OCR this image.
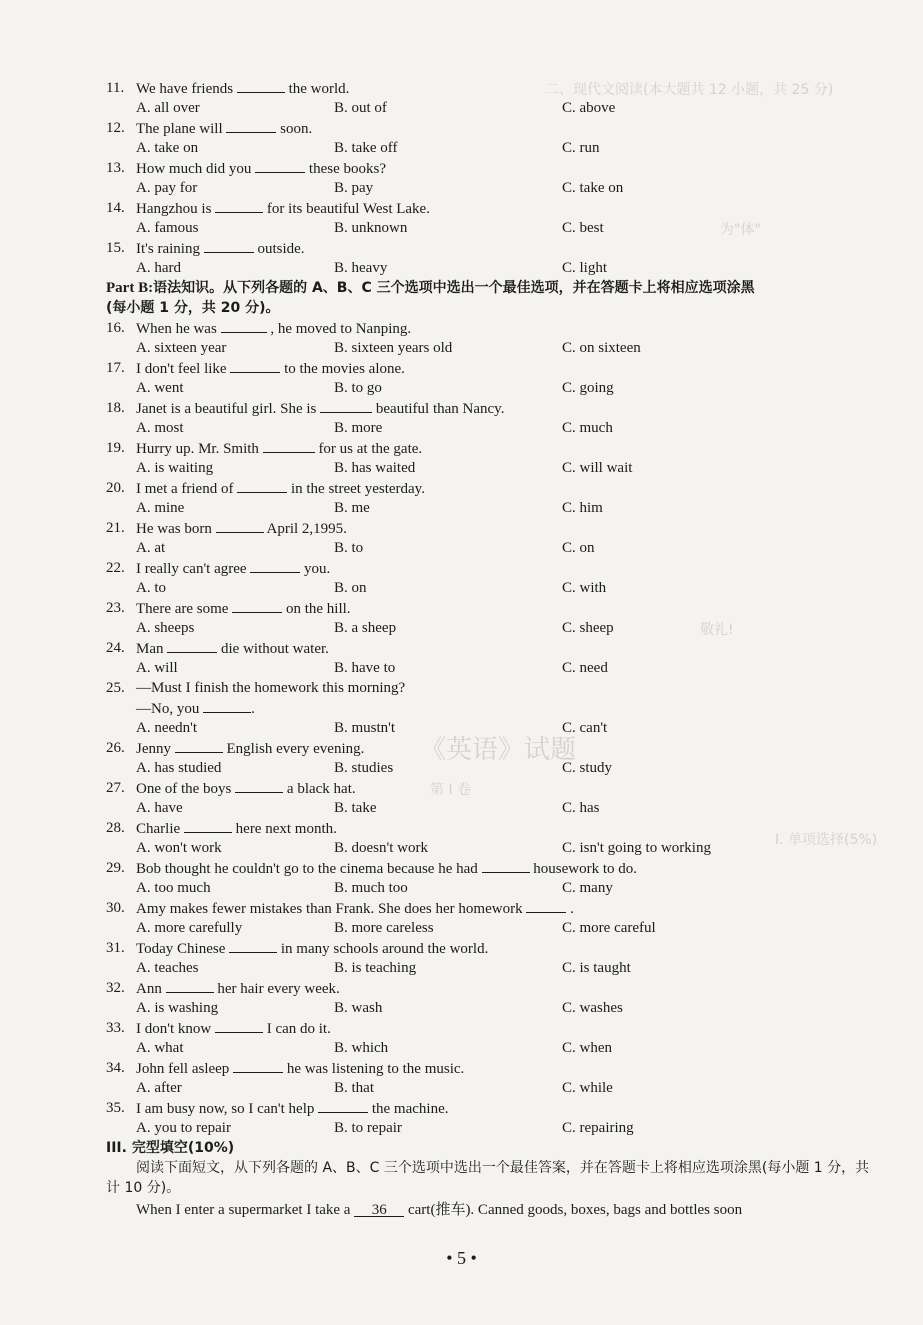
二、现代文阅读(本大题共 12 小题，共 25 分)
为"体"
敬礼!
《英语》试题
第 I 卷
I. 单项选择(5%)
11. We have friends	the world.
A. all over	B. out of	C. above
12. The plane will	soon.
A. take on	B. take off	C. run
13. How much did you	these books?
A. pay for	B. pay	C. take on
14. Hangzhou is	for its beautiful West Lake.
A. famous	B. unknown	C. best
15. It's raining	outside.
A. hard	B. heavy	C. light
Part B:语法知识。从下列各题的 A、B、C 三个选项中选出一个最佳选项，并在答题卡上将相应选项涂黑
(每小题 1 分，共 20 分)。
16. When he was	, he moved to Nanping.
A. sixteen year	B. sixteen years old	C. on sixteen
17. I don't feel like	to the movies alone.
A. went	B. to go	C. going
18. Janet is a beautiful girl. She is	beautiful than Nancy.
A. most	B. more	C. much
19. Hurry up. Mr. Smith	for us at the gate.
A. is waiting	B. has waited	C. will wait
20. I met a friend of	in the street yesterday.
A. mine	B. me	C. him
21. He was born	April 2,1995.
A. at	B. to	C. on
22. I really can't agree	you.
A. to	B. on	C. with
23. There are some	on the hill.
A. sheeps	B. a sheep	C. sheep
24. Man	die without water.
A. will	B. have to	C. need
25. —Must I finish the homework this morning?
—No, you	.
A. needn't	B. mustn't	C. can't
26. Jenny	English every evening.
A. has studied	B. studies	C. study
27. One of the boys	a black hat.
A. have	B. take	C. has
28. Charlie	here next month.
A. won't work	B. doesn't work	C. isn't going to working
29. Bob thought he couldn't go to the cinema because he had	housework to do.
A. too much	B. much too	C. many
30. Amy makes fewer mistakes than Frank. She does her homework	.
A. more carefully	B. more careless	C. more careful
31. Today Chinese	in many schools around the world.
A. teaches	B. is teaching	C. is taught
32. Ann	her hair every week.
A. is washing	B. wash	C. washes
33. I don't know	I can do it.
A. what	B. which	C. when
34. John fell asleep	he was listening to the music.
A. after	B. that	C. while
35. I am busy now, so I can't help	the machine.
A. you to repair	B. to repair	C. repairing
III. 完型填空(10%)
阅读下面短文，从下列各题的 A、B、C 三个选项中选出一个最佳答案，并在答题卡上将相应选项涂黑(每小题 1 分，共计 10 分)。
When I enter a supermarket I take a 36 cart(推车). Canned goods, boxes, bags and bottles soon
• 5 •
